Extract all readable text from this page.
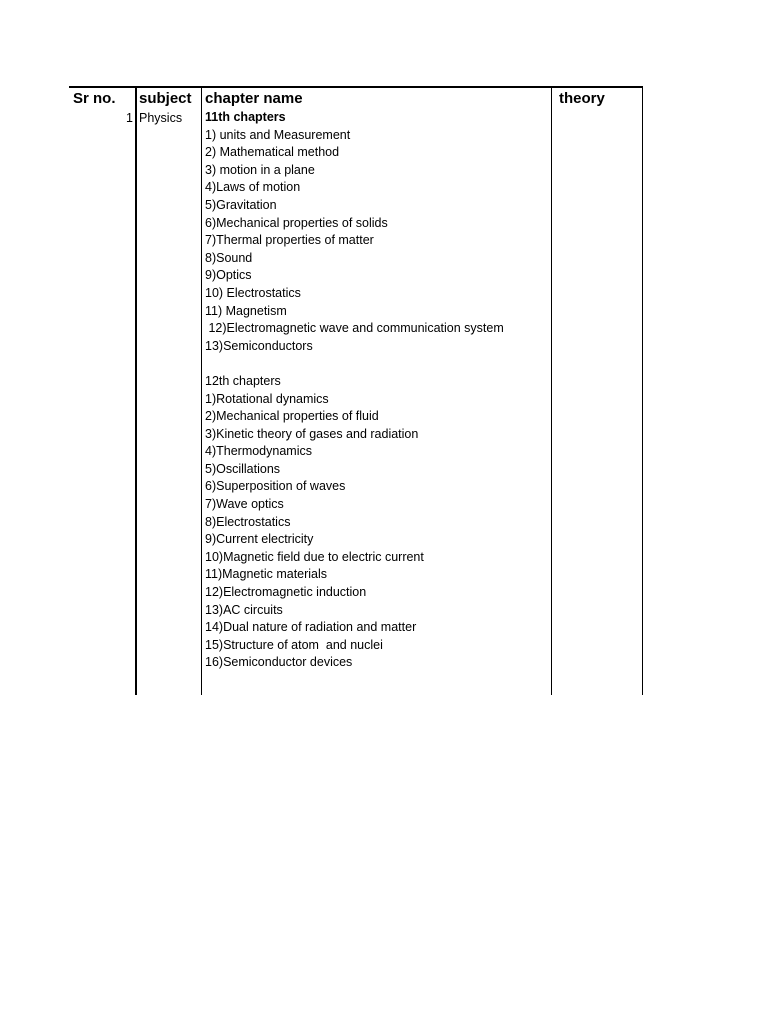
Sr no. subject chapter name	theory
1 Physics 11th chapters
1) units and Measurement
2) Mathematical method
3) motion in a plane
4)Laws of motion
5)Gravitation
6)Mechanical properties of solids
7)Thermal properties of matter
8)Sound
9)Optics
10) Electrostatics
11) Magnetism
12)Electromagnetic wave and communication system
13)Semiconductors
12th chapters
1)Rotational dynamics
2)Mechanical properties of fluid
3)Kinetic theory of gases and radiation
4)Thermodynamics
5)Oscillations
6)Superposition of waves
7)Wave optics
8)Electrostatics
9)Current electricity
10)Magnetic field due to electric current
11)Magnetic materials
12)Electromagnetic induction
13)AC circuits
14)Dual nature of radiation and matter
15)Structure of atom  and nuclei
16)Semiconductor devices
